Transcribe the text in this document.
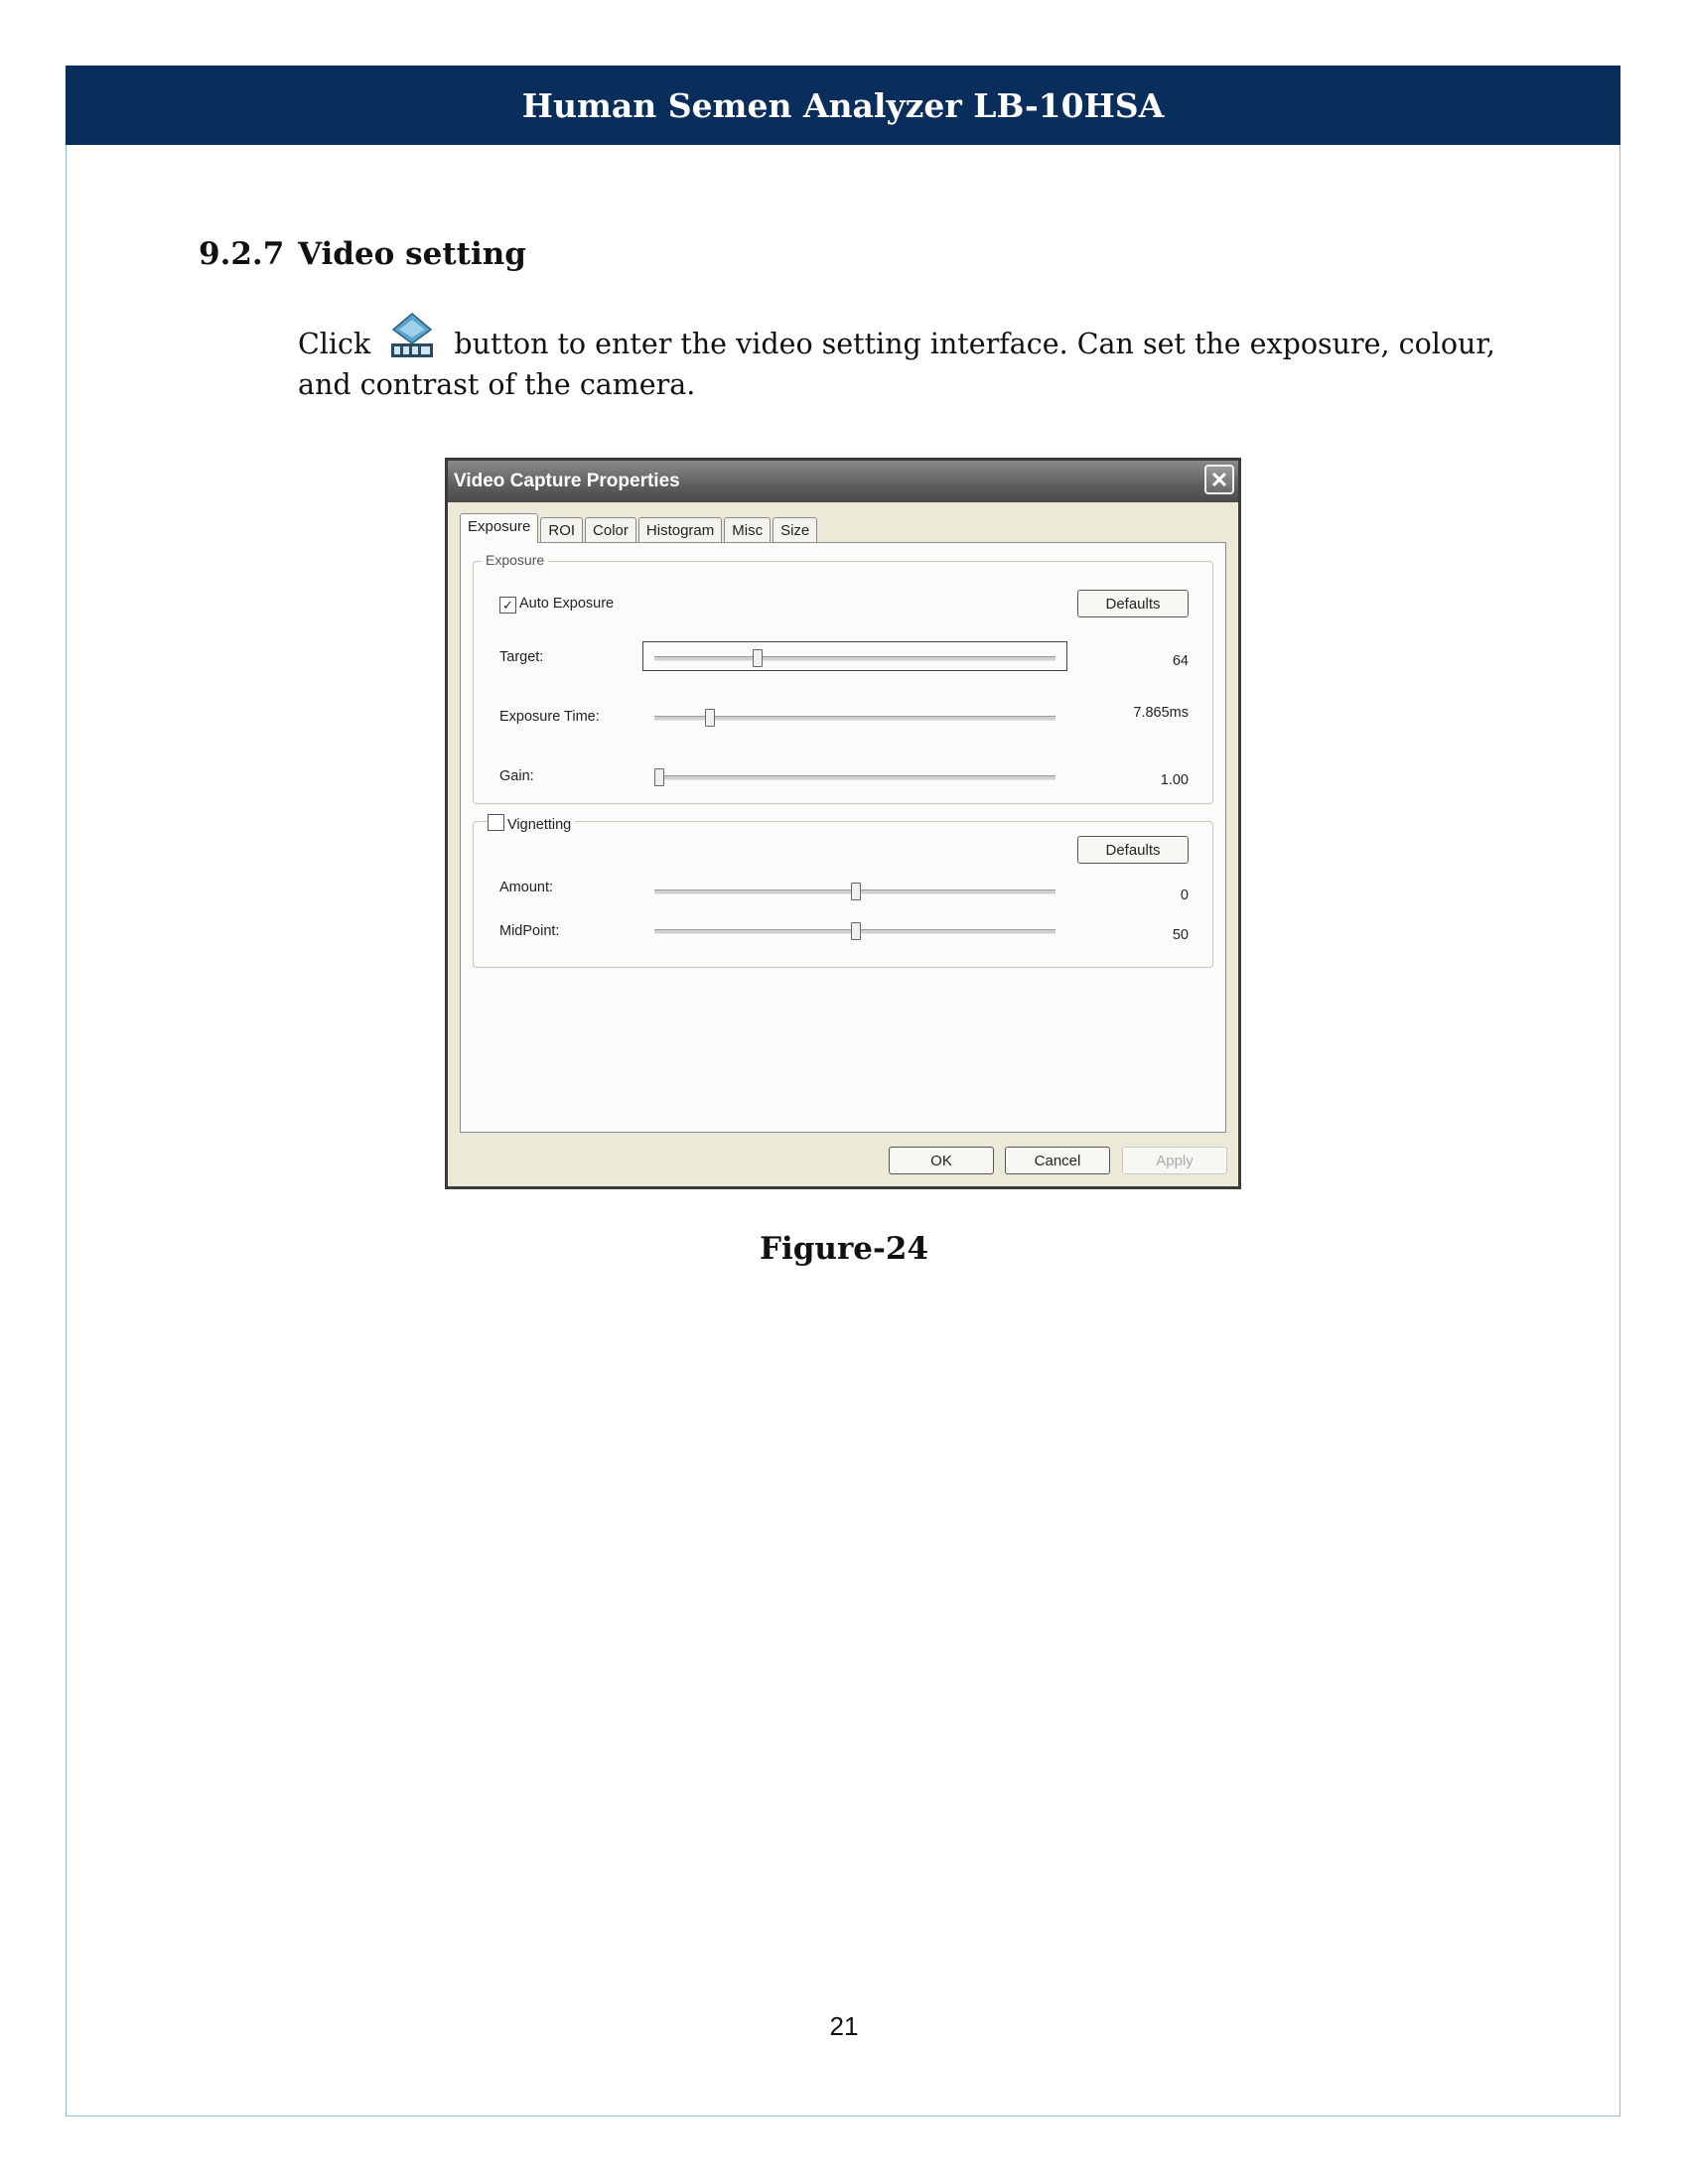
Human Semen Analyzer LB-10HSA
9.2.7 Video setting
Click	button to enter the video setting interface. Can set the exposure, colour, and contrast of the camera.
Video Capture Properties	✕
Exposure	ROI	Color	Histogram	Misc	Size
Exposure
✓ Auto Exposure	Defaults
Target:	64
Exposure Time:	7.865ms
Gain:	1.00
Vignetting
Defaults
Amount:	0
MidPoint:	50
OK	Cancel	Apply
Figure-24
21
